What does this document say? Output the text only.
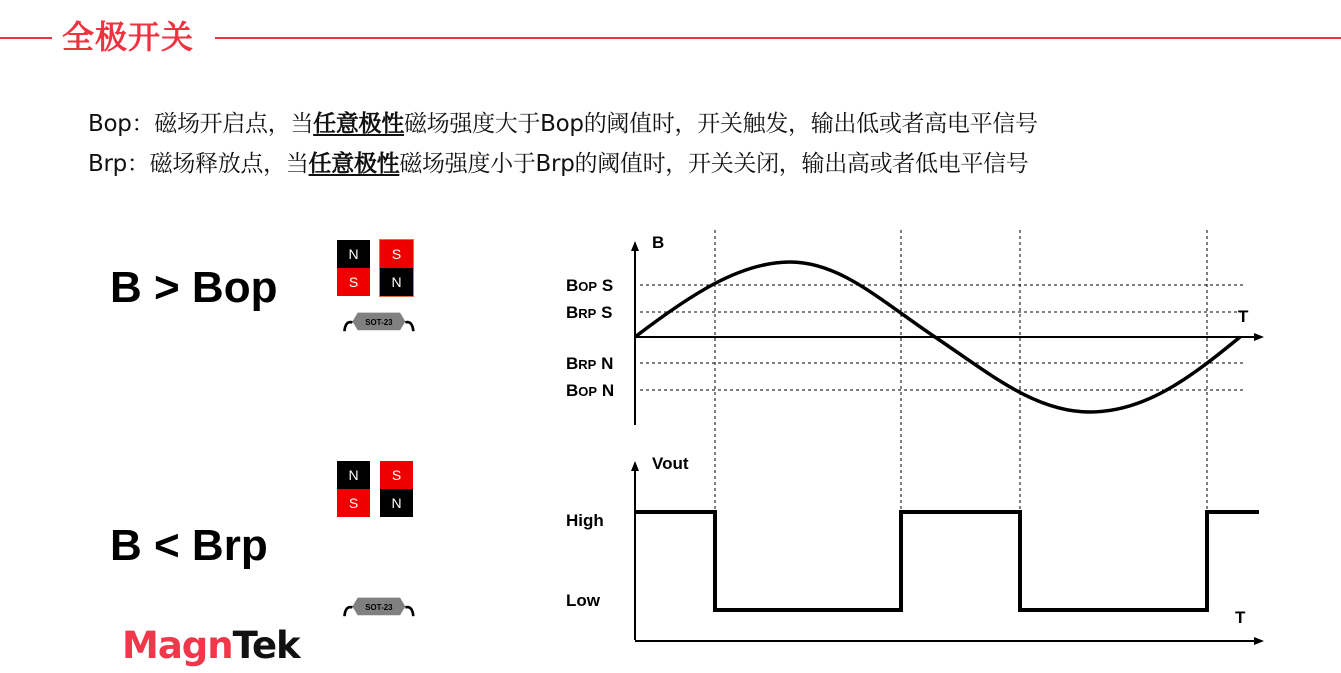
全极开关
Bop：磁场开启点，当任意极性磁场强度大于Bop的阈值时，开关触发，输出低或者高电平信号
Brp：磁场释放点，当任意极性磁场强度小于Brp的阈值时，开关关闭，输出高或者低电平信号
B > Bop
B < Brp
N
S
S
N
N
S
S
N
SOT-23
SOT-23
MagnTek
B
T
BOP S
BRP S
BRP N
BOP N
Vout
T
High
Low
